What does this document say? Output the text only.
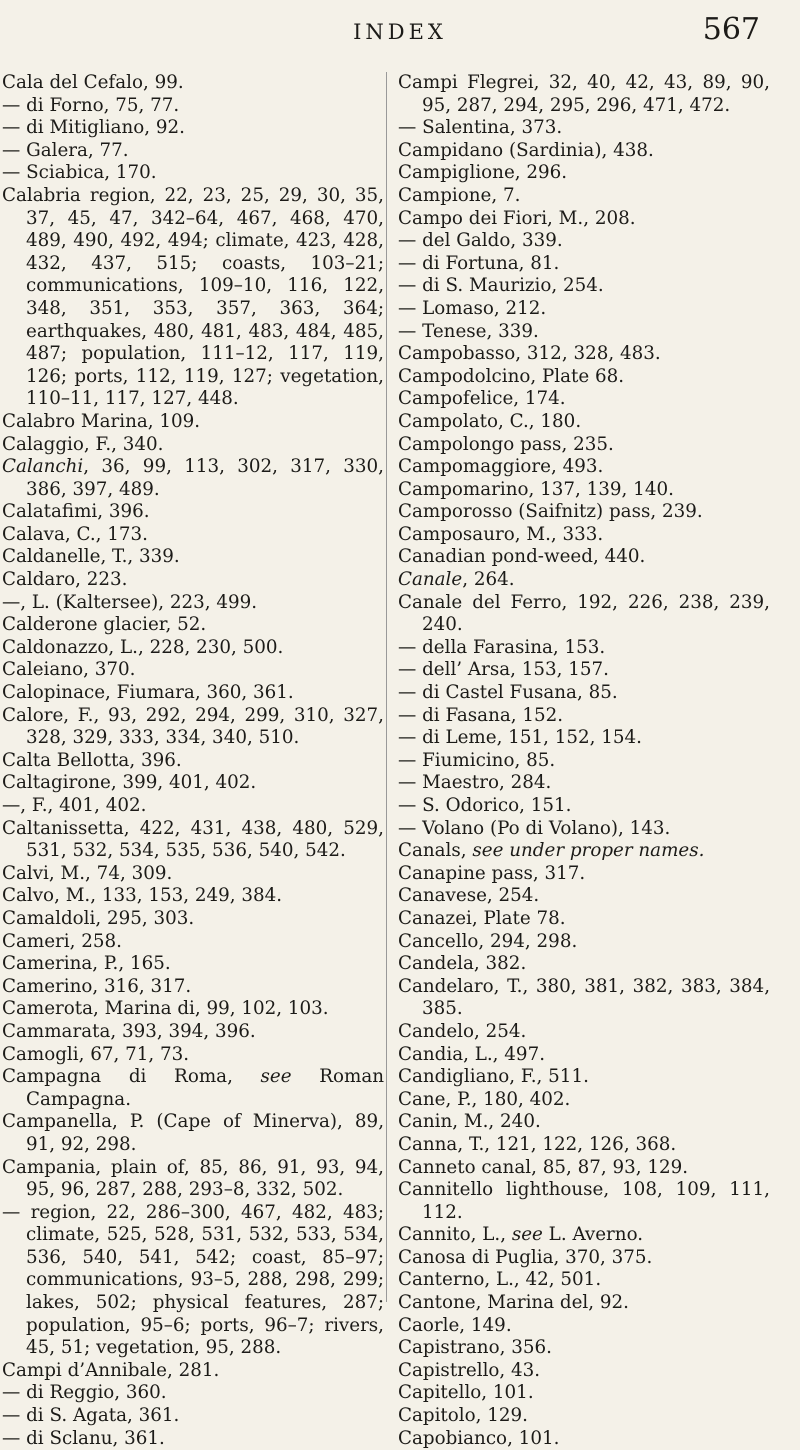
INDEX	567
Cala del Cefalo, 99.
— di Forno, 75, 77.
— di Mitigliano, 92.
— Galera, 77.
— Sciabica, 170.
Calabria region, 22, 23, 25, 29, 30, 35, 37, 45, 47, 342–64, 467, 468, 470, 489, 490, 492, 494; climate, 423, 428, 432, 437, 515; coasts, 103–21; communications, 109–10, 116, 122, 348, 351, 353, 357, 363, 364; earthquakes, 480, 481, 483, 484, 485, 487; population, 111–12, 117, 119, 126; ports, 112, 119, 127; vegetation, 110–11, 117, 127, 448.
Calabro Marina, 109.
Calaggio, F., 340.
Calanchi, 36, 99, 113, 302, 317, 330, 386, 397, 489.
Calatafimi, 396.
Calava, C., 173.
Caldanelle, T., 339.
Caldaro, 223.
—, L. (Kaltersee), 223, 499.
Calderone glacier, 52.
Caldonazzo, L., 228, 230, 500.
Caleiano, 370.
Calopinace, Fiumara, 360, 361.
Calore, F., 93, 292, 294, 299, 310, 327, 328, 329, 333, 334, 340, 510.
Calta Bellotta, 396.
Caltagirone, 399, 401, 402.
—, F., 401, 402.
Caltanissetta, 422, 431, 438, 480, 529, 531, 532, 534, 535, 536, 540, 542.
Calvi, M., 74, 309.
Calvo, M., 133, 153, 249, 384.
Camaldoli, 295, 303.
Cameri, 258.
Camerina, P., 165.
Camerino, 316, 317.
Camerota, Marina di, 99, 102, 103.
Cammarata, 393, 394, 396.
Camogli, 67, 71, 73.
Campagna di Roma, see Roman Campagna.
Campanella, P. (Cape of Minerva), 89, 91, 92, 298.
Campania, plain of, 85, 86, 91, 93, 94, 95, 96, 287, 288, 293–8, 332, 502.
— region, 22, 286–300, 467, 482, 483; climate, 525, 528, 531, 532, 533, 534, 536, 540, 541, 542; coast, 85–97; communications, 93–5, 288, 298, 299; lakes, 502; physical features, 287; population, 95–6; ports, 96–7; rivers, 45, 51; vegetation, 95, 288.
Campi d’Annibale, 281.
— di Reggio, 360.
— di S. Agata, 361.
— di Sclanu, 361.
Campi Flegrei, 32, 40, 42, 43, 89, 90, 95, 287, 294, 295, 296, 471, 472.
— Salentina, 373.
Campidano (Sardinia), 438.
Campiglione, 296.
Campione, 7.
Campo dei Fiori, M., 208.
— del Galdo, 339.
— di Fortuna, 81.
— di S. Maurizio, 254.
— Lomaso, 212.
— Tenese, 339.
Campobasso, 312, 328, 483.
Campodolcino, Plate 68.
Campofelice, 174.
Campolato, C., 180.
Campolongo pass, 235.
Campomaggiore, 493.
Campomarino, 137, 139, 140.
Camporosso (Saifnitz) pass, 239.
Camposauro, M., 333.
Canadian pond-weed, 440.
Canale, 264.
Canale del Ferro, 192, 226, 238, 239, 240.
— della Farasina, 153.
— dell’ Arsa, 153, 157.
— di Castel Fusana, 85.
— di Fasana, 152.
— di Leme, 151, 152, 154.
— Fiumicino, 85.
— Maestro, 284.
— S. Odorico, 151.
— Volano (Po di Volano), 143.
Canals, see under proper names.
Canapine pass, 317.
Canavese, 254.
Canazei, Plate 78.
Cancello, 294, 298.
Candela, 382.
Candelaro, T., 380, 381, 382, 383, 384, 385.
Candelo, 254.
Candia, L., 497.
Candigliano, F., 511.
Cane, P., 180, 402.
Canin, M., 240.
Canna, T., 121, 122, 126, 368.
Canneto canal, 85, 87, 93, 129.
Cannitello lighthouse, 108, 109, 111, 112.
Cannito, L., see L. Averno.
Canosa di Puglia, 370, 375.
Canterno, L., 42, 501.
Cantone, Marina del, 92.
Caorle, 149.
Capistrano, 356.
Capistrello, 43.
Capitello, 101.
Capitolo, 129.
Capobianco, 101.
